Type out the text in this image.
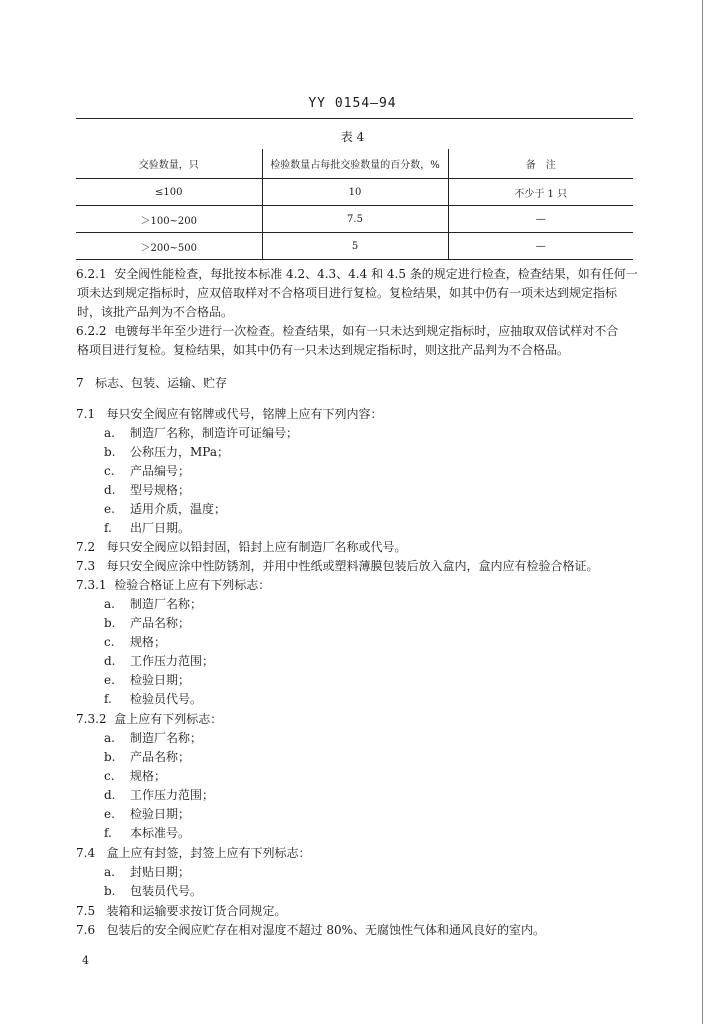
YY 0154—94
表 4
交验数量，只	检验数量占每批交验数量的百分数，%	备　注
≤100	10	不少于 1 只
＞100~200	7.5	—
＞200~500	5	—
6.2.1 安全阀性能检查，每批按本标准 4.2、4.3、4.4 和 4.5 条的规定进行检查，检查结果，如有任何一
项未达到规定指标时，应双倍取样对不合格项目进行复检。复检结果，如其中仍有一项未达到规定指标
时，该批产品判为不合格品。
6.2.2 电镀每半年至少进行一次检查。检查结果，如有一只未达到规定指标时，应抽取双倍试样对不合
格项目进行复检。复检结果，如其中仍有一只未达到规定指标时，则这批产品判为不合格品。
7 标志、包装、运输、贮存
7.1 每只安全阀应有铭牌或代号，铭牌上应有下列内容：
a. 制造厂名称，制造许可证编号；
b. 公称压力，MPa；
c. 产品编号；
d. 型号规格；
e. 适用介质，温度；
f. 出厂日期。
7.2 每只安全阀应以铅封固，铅封上应有制造厂名称或代号。
7.3 每只安全阀应涂中性防锈剂，并用中性纸或塑料薄膜包装后放入盒内，盒内应有检验合格证。
7.3.1 检验合格证上应有下列标志：
a. 制造厂名称；
b. 产品名称；
c. 规格；
d. 工作压力范围；
e. 检验日期；
f. 检验员代号。
7.3.2 盒上应有下列标志：
a. 制造厂名称；
b. 产品名称；
c. 规格；
d. 工作压力范围；
e. 检验日期；
f. 本标准号。
7.4 盒上应有封签，封签上应有下列标志：
a. 封贴日期；
b. 包装员代号。
7.5 装箱和运输要求按订货合同规定。
7.6 包装后的安全阀应贮存在相对湿度不超过 80%、无腐蚀性气体和通风良好的室内。
4
